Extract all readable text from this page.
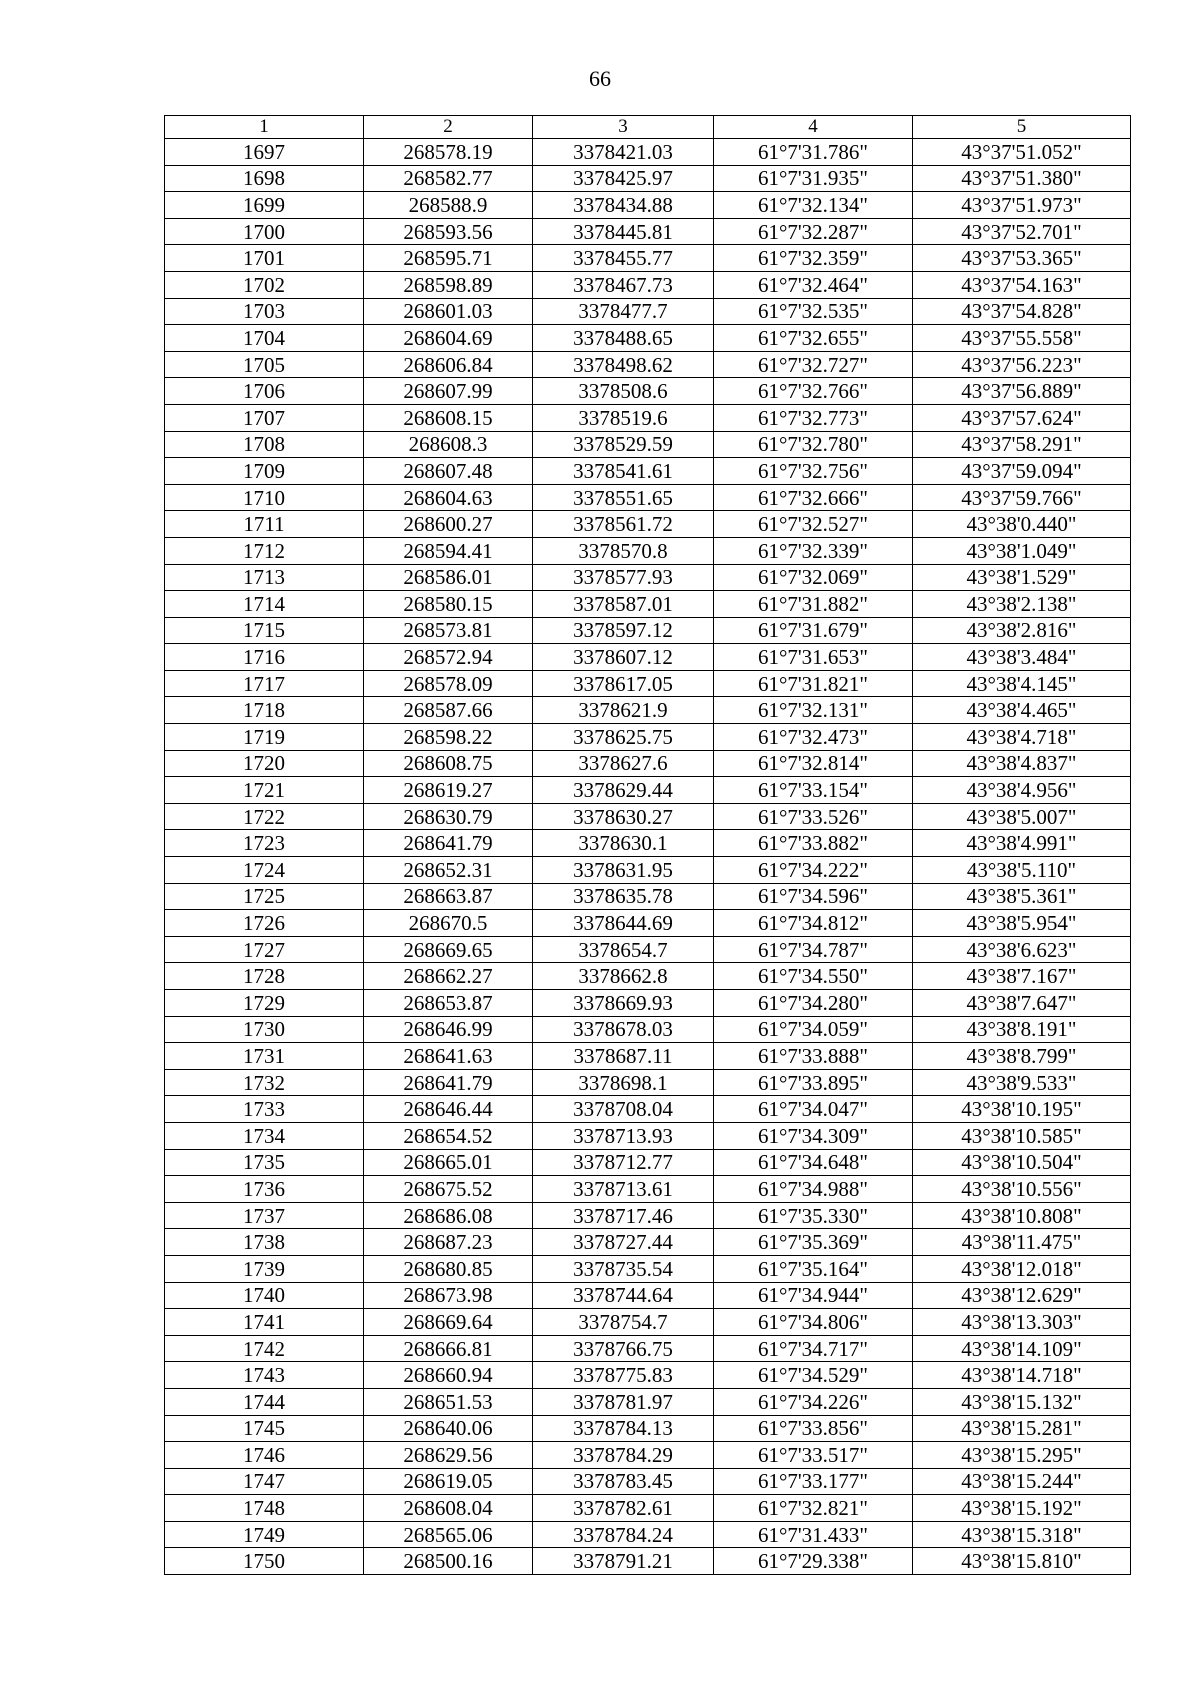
66
1	2	3	4	5
1697	268578.19	3378421.03	61°7'31.786"	43°37'51.052"
1698	268582.77	3378425.97	61°7'31.935"	43°37'51.380"
1699	268588.9	3378434.88	61°7'32.134"	43°37'51.973"
1700	268593.56	3378445.81	61°7'32.287"	43°37'52.701"
1701	268595.71	3378455.77	61°7'32.359"	43°37'53.365"
1702	268598.89	3378467.73	61°7'32.464"	43°37'54.163"
1703	268601.03	3378477.7	61°7'32.535"	43°37'54.828"
1704	268604.69	3378488.65	61°7'32.655"	43°37'55.558"
1705	268606.84	3378498.62	61°7'32.727"	43°37'56.223"
1706	268607.99	3378508.6	61°7'32.766"	43°37'56.889"
1707	268608.15	3378519.6	61°7'32.773"	43°37'57.624"
1708	268608.3	3378529.59	61°7'32.780"	43°37'58.291"
1709	268607.48	3378541.61	61°7'32.756"	43°37'59.094"
1710	268604.63	3378551.65	61°7'32.666"	43°37'59.766"
1711	268600.27	3378561.72	61°7'32.527"	43°38'0.440"
1712	268594.41	3378570.8	61°7'32.339"	43°38'1.049"
1713	268586.01	3378577.93	61°7'32.069"	43°38'1.529"
1714	268580.15	3378587.01	61°7'31.882"	43°38'2.138"
1715	268573.81	3378597.12	61°7'31.679"	43°38'2.816"
1716	268572.94	3378607.12	61°7'31.653"	43°38'3.484"
1717	268578.09	3378617.05	61°7'31.821"	43°38'4.145"
1718	268587.66	3378621.9	61°7'32.131"	43°38'4.465"
1719	268598.22	3378625.75	61°7'32.473"	43°38'4.718"
1720	268608.75	3378627.6	61°7'32.814"	43°38'4.837"
1721	268619.27	3378629.44	61°7'33.154"	43°38'4.956"
1722	268630.79	3378630.27	61°7'33.526"	43°38'5.007"
1723	268641.79	3378630.1	61°7'33.882"	43°38'4.991"
1724	268652.31	3378631.95	61°7'34.222"	43°38'5.110"
1725	268663.87	3378635.78	61°7'34.596"	43°38'5.361"
1726	268670.5	3378644.69	61°7'34.812"	43°38'5.954"
1727	268669.65	3378654.7	61°7'34.787"	43°38'6.623"
1728	268662.27	3378662.8	61°7'34.550"	43°38'7.167"
1729	268653.87	3378669.93	61°7'34.280"	43°38'7.647"
1730	268646.99	3378678.03	61°7'34.059"	43°38'8.191"
1731	268641.63	3378687.11	61°7'33.888"	43°38'8.799"
1732	268641.79	3378698.1	61°7'33.895"	43°38'9.533"
1733	268646.44	3378708.04	61°7'34.047"	43°38'10.195"
1734	268654.52	3378713.93	61°7'34.309"	43°38'10.585"
1735	268665.01	3378712.77	61°7'34.648"	43°38'10.504"
1736	268675.52	3378713.61	61°7'34.988"	43°38'10.556"
1737	268686.08	3378717.46	61°7'35.330"	43°38'10.808"
1738	268687.23	3378727.44	61°7'35.369"	43°38'11.475"
1739	268680.85	3378735.54	61°7'35.164"	43°38'12.018"
1740	268673.98	3378744.64	61°7'34.944"	43°38'12.629"
1741	268669.64	3378754.7	61°7'34.806"	43°38'13.303"
1742	268666.81	3378766.75	61°7'34.717"	43°38'14.109"
1743	268660.94	3378775.83	61°7'34.529"	43°38'14.718"
1744	268651.53	3378781.97	61°7'34.226"	43°38'15.132"
1745	268640.06	3378784.13	61°7'33.856"	43°38'15.281"
1746	268629.56	3378784.29	61°7'33.517"	43°38'15.295"
1747	268619.05	3378783.45	61°7'33.177"	43°38'15.244"
1748	268608.04	3378782.61	61°7'32.821"	43°38'15.192"
1749	268565.06	3378784.24	61°7'31.433"	43°38'15.318"
1750	268500.16	3378791.21	61°7'29.338"	43°38'15.810"
